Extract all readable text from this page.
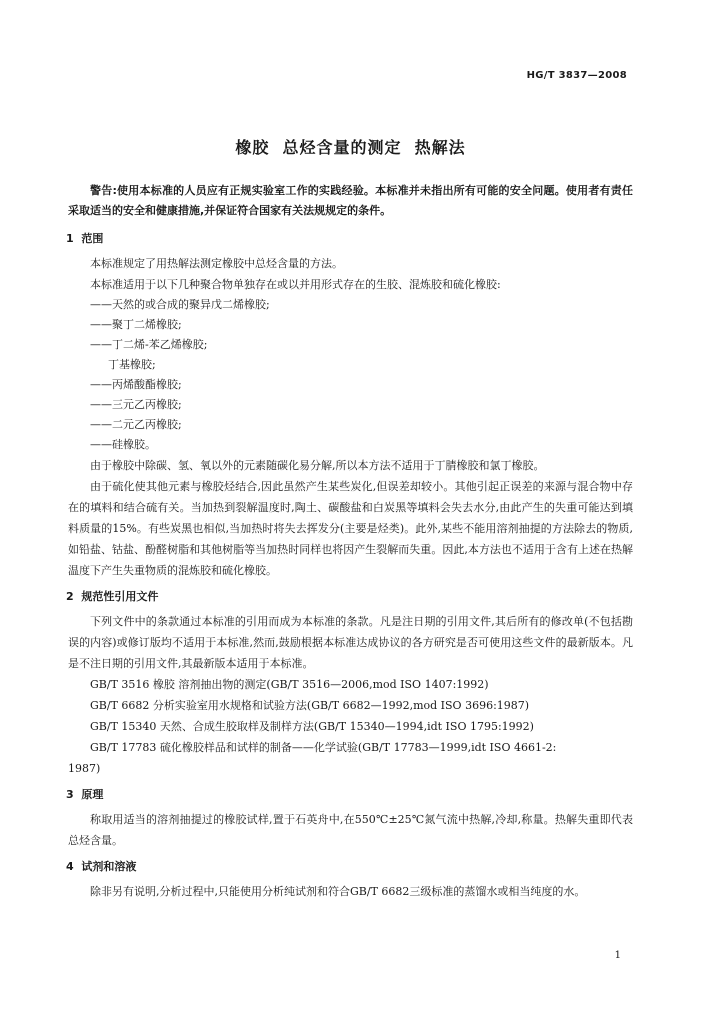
HG/T 3837—2008
橡胶  总烃含量的测定  热解法

警告:使用本标准的人员应有正规实验室工作的实践经验。本标准并未指出所有可能的安全问题。使用者有责任采取适当的安全和健康措施,并保证符合国家有关法规规定的条件。

1  范围

本标准规定了用热解法测定橡胶中总烃含量的方法。

本标准适用于以下几种聚合物单独存在或以并用形式存在的生胶、混炼胶和硫化橡胶:

——天然的或合成的聚异戊二烯橡胶;

——聚丁二烯橡胶;

——丁二烯-苯乙烯橡胶;

丁基橡胶;

——丙烯酸酯橡胶;

——三元乙丙橡胶;

——二元乙丙橡胶;

——硅橡胶。

由于橡胶中除碳、氢、氧以外的元素随碳化易分解,所以本方法不适用于丁腈橡胶和氯丁橡胶。

由于硫化使其他元素与橡胶烃结合,因此虽然产生某些炭化,但误差却较小。其他引起正误差的来源与混合物中存在的填料和结合硫有关。当加热到裂解温度时,陶土、碳酸盐和白炭黑等填料会失去水分,由此产生的失重可能达到填料质量的15%。有些炭黑也相似,当加热时将失去挥发分(主要是烃类)。此外,某些不能用溶剂抽提的方法除去的物质,如铅盐、钴盐、酚醛树脂和其他树脂等当加热时同样也将因产生裂解而失重。因此,本方法也不适用于含有上述在热解温度下产生失重物质的混炼胶和硫化橡胶。

2  规范性引用文件

下列文件中的条款通过本标准的引用而成为本标准的条款。凡是注日期的引用文件,其后所有的修改单(不包括勘误的内容)或修订版均不适用于本标准,然而,鼓励根据本标准达成协议的各方研究是否可使用这些文件的最新版本。凡是不注日期的引用文件,其最新版本适用于本标准。

GB/T 3516 橡胶 溶剂抽出物的测定(GB/T 3516—2006,mod ISO 1407:1992)

GB/T 6682 分析实验室用水规格和试验方法(GB/T 6682—1992,mod ISO 3696:1987)

GB/T 15340 天然、合成生胶取样及制样方法(GB/T 15340—1994,idt ISO 1795:1992)

GB/T 17783 硫化橡胶样品和试样的制备——化学试验(GB/T 17783—1999,idt ISO 4661-2:

1987)

3  原理

称取用适当的溶剂抽提过的橡胶试样,置于石英舟中,在550℃±25℃氮气流中热解,冷却,称量。热解失重即代表总烃含量。

4  试剂和溶液

除非另有说明,分析过程中,只能使用分析纯试剂和符合GB/T 6682三级标准的蒸馏水或相当纯度的水。

1
